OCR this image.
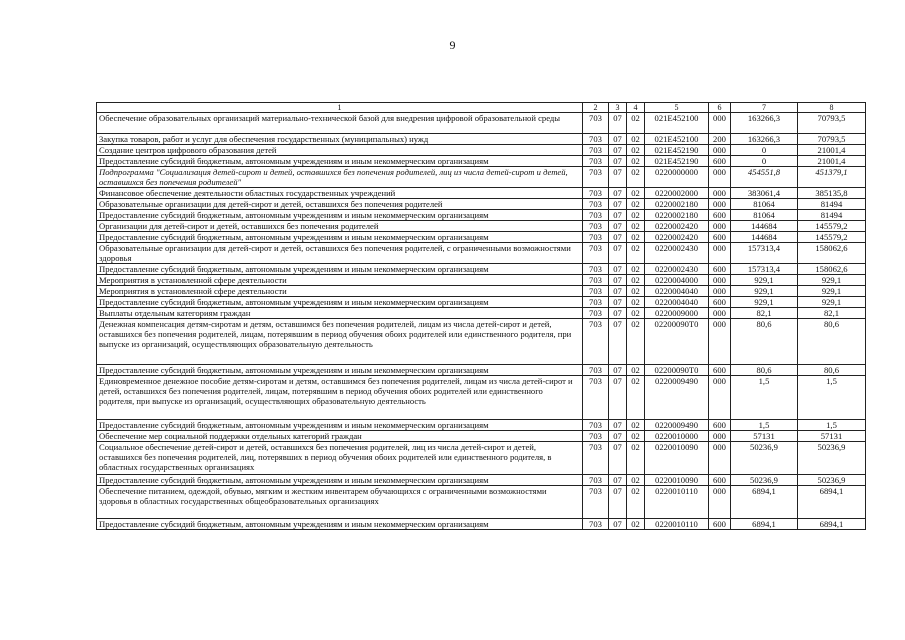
9
1	2	3	4	5	6	7	8
Обеспечение образовательных организаций материально-технической базой для внедрения цифровой образовательной среды	703	07	02	021E452100	000	163266,3	70793,5
Закупка товаров, работ и услуг для обеспечения государственных (муниципальных) нужд	703	07	02	021E452100	200	163266,3	70793,5
Создание центров цифрового образования детей	703	07	02	021E452190	000	0	21001,4
Предоставление субсидий бюджетным, автономным учреждениям и иным некоммерческим организациям	703	07	02	021E452190	600	0	21001,4
Подпрограмма "Социализация детей-сирот и детей, оставшихся без попечения родителей, лиц из числа детей-сирот и детей, оставшихся без попечения родителей"	703	07	02	0220000000	000	454551,8	451379,1
Финансовое обеспечение деятельности областных государственных учреждений	703	07	02	0220002000	000	383061,4	385135,8
Образовательные организации для детей-сирот и детей, оставшихся без попечения родителей	703	07	02	0220002180	000	81064	81494
Предоставление субсидий бюджетным, автономным учреждениям и иным некоммерческим организациям	703	07	02	0220002180	600	81064	81494
Организации для детей-сирот и детей, оставшихся без попечения родителей	703	07	02	0220002420	000	144684	145579,2
Предоставление субсидий бюджетным, автономным учреждениям и иным некоммерческим организациям	703	07	02	0220002420	600	144684	145579,2
Образовательные организации для детей-сирот и детей, оставшихся без попечения родителей, с ограниченными возможностями здоровья	703	07	02	0220002430	000	157313,4	158062,6
Предоставление субсидий бюджетным, автономным учреждениям и иным некоммерческим организациям	703	07	02	0220002430	600	157313,4	158062,6
Мероприятия в установленной сфере деятельности	703	07	02	0220004000	000	929,1	929,1
Мероприятия в установленной сфере деятельности	703	07	02	0220004040	000	929,1	929,1
Предоставление субсидий бюджетным, автономным учреждениям и иным некоммерческим организациям	703	07	02	0220004040	600	929,1	929,1
Выплаты отдельным категориям граждан	703	07	02	0220009000	000	82,1	82,1
Денежная компенсация детям-сиротам и детям, оставшимся без попечения родителей, лицам из числа детей-сирот и детей, оставшихся без попечения родителей, лицам, потерявшим в период обучения обоих родителей или единственного родителя, при выпуске из организаций, осуществляющих образовательную деятельность	703	07	02	02200090Т0	000	80,6	80,6
Предоставление субсидий бюджетным, автономным учреждениям и иным некоммерческим организациям	703	07	02	02200090Т0	600	80,6	80,6
Единовременное денежное пособие детям-сиротам и детям, оставшимся без попечения родителей, лицам из числа детей-сирот и детей, оставшихся без попечения родителей, лицам, потерявшим в период обучения обоих родителей или единственного родителя, при выпуске из организаций, осуществляющих образовательную деятельность	703	07	02	0220009490	000	1,5	1,5
Предоставление субсидий бюджетным, автономным учреждениям и иным некоммерческим организациям	703	07	02	0220009490	600	1,5	1,5
Обеспечение мер социальной поддержки отдельных категорий граждан	703	07	02	0220010000	000	57131	57131
Социальное обеспечение детей-сирот и детей, оставшихся без попечения родителей, лиц из числа детей-сирот и детей, оставшихся без попечения родителей, лиц, потерявших в период обучения обоих родителей или единственного родителя, в областных государственных организациях	703	07	02	0220010090	000	50236,9	50236,9
Предоставление субсидий бюджетным, автономным учреждениям и иным некоммерческим организациям	703	07	02	0220010090	600	50236,9	50236,9
Обеспечение питанием, одеждой, обувью, мягким и жестким инвентарем обучающихся с ограниченными возможностями здоровья в областных государственных общеобразовательных организациях	703	07	02	0220010110	000	6894,1	6894,1
Предоставление субсидий бюджетным, автономным учреждениям и иным некоммерческим организациям	703	07	02	0220010110	600	6894,1	6894,1
